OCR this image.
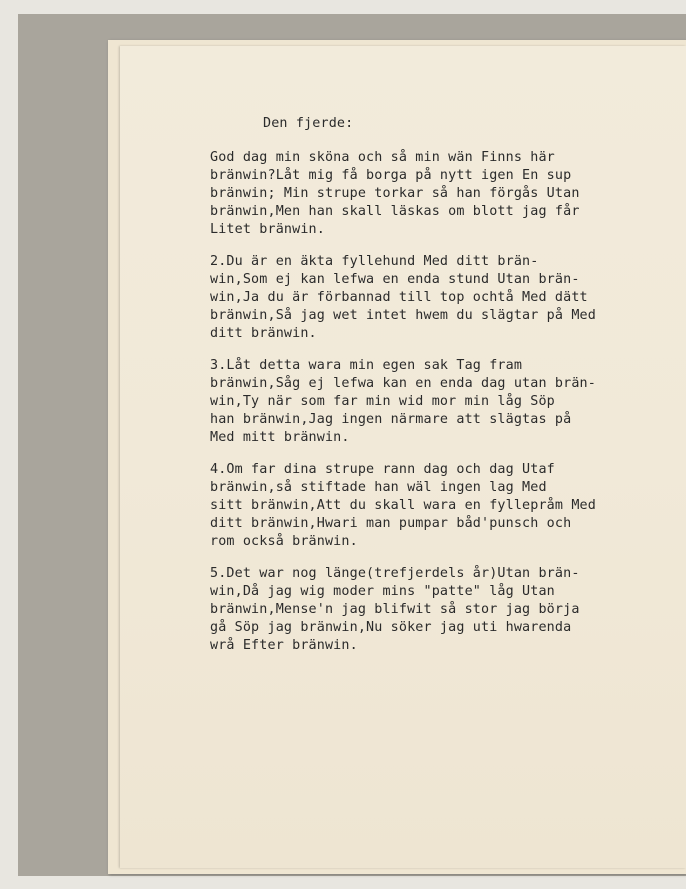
Den fjerde:
God dag min sköna och så min wän Finns här
bränwin?Låt mig få borga på nytt igen En sup
bränwin; Min strupe torkar så han förgås Utan
bränwin,Men han skall läskas om blott jag får
Litet bränwin.
2.Du är en äkta fyllehund Med ditt brän-
win,Som ej kan lefwa en enda stund Utan brän-
win,Ja du är förbannad till top ochtå Med dätt
bränwin,Så jag wet intet hwem du slägtar på Med
ditt bränwin.
3.Låt detta wara min egen sak Tag fram
bränwin,Såg ej lefwa kan en enda dag utan brän-
win,Ty när som far min wid mor min låg Söp
han bränwin,Jag ingen närmare att slägtas på
Med mitt bränwin.
4.Om far dina strupe rann dag och dag Utaf
bränwin,så stiftade han wäl ingen lag Med
sitt bränwin,Att du skall wara en fyllepråm Med
ditt bränwin,Hwari man pumpar båd'punsch och
rom också bränwin.
5.Det war nog länge(trefjerdels år)Utan brän-
win,Då jag wig moder mins "patte" låg Utan
bränwin,Mense'n jag blifwit så stor jag börja
gå Söp jag bränwin,Nu söker jag uti hwarenda
wrå Efter bränwin.
